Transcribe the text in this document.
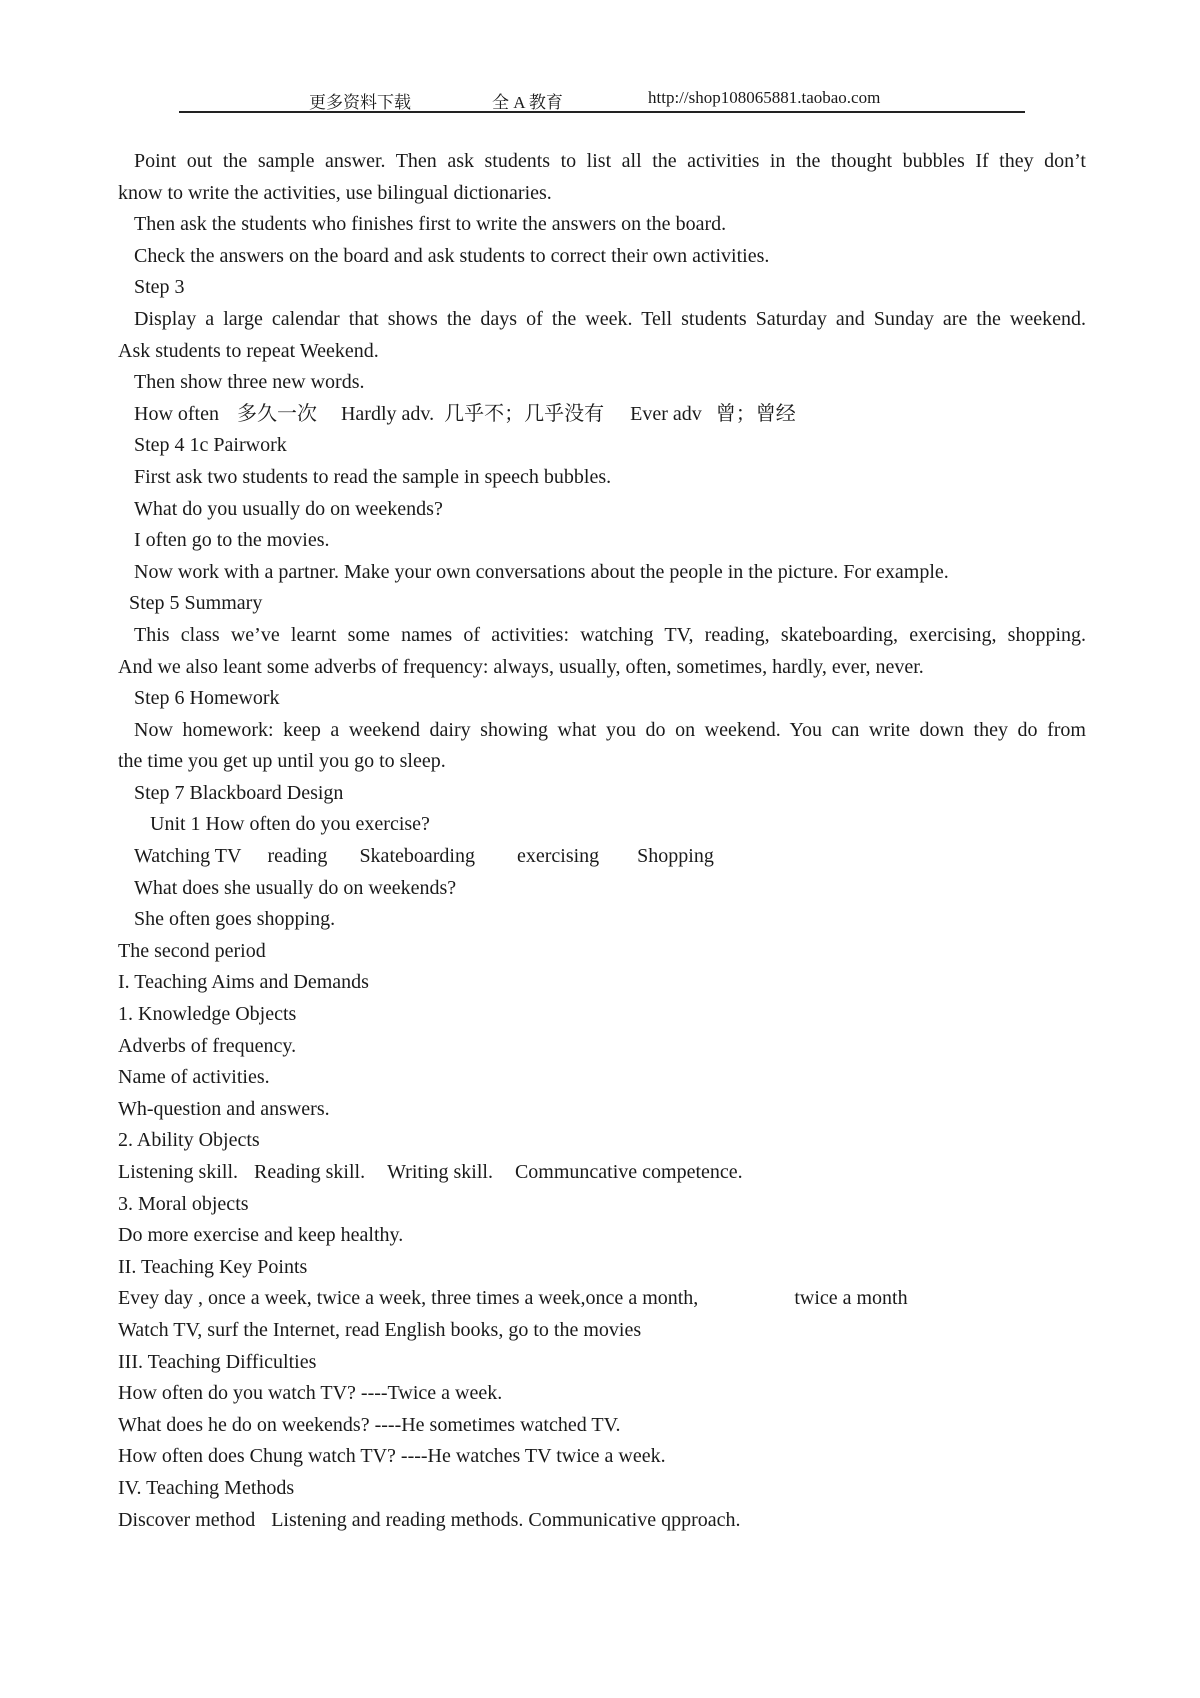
更多资料下载	全 A 教育	http://shop108065881.taobao.com

Point out the sample answer. Then ask students to list all the activities in the thought bubbles If they don’t

know to write the activities, use bilingual dictionaries.

Then ask the students who finishes first to write the answers on the board.

Check the answers on the board and ask students to correct their own activities.

Step 3

Display a large calendar that shows the days of the week. Tell students Saturday and Sunday are the weekend.

Ask students to repeat Weekend.

Then show three new words.

How often 多久一次 Hardly adv. 几乎不；几乎没有 Ever adv 曾；曾经

Step 4 1c Pairwork

First ask two students to read the sample in speech bubbles.

What do you usually do on weekends?

I often go to the movies.

Now work with a partner. Make your own conversations about the people in the picture. For example.

Step 5 Summary

This class we’ve learnt some names of activities: watching TV, reading, skateboarding, exercising, shopping.

And we also leant some adverbs of frequency: always, usually, often, sometimes, hardly, ever, never.

Step 6 Homework

Now homework: keep a weekend dairy showing what you do on weekend. You can write down they do from

the time you get up until you go to sleep.

Step 7 Blackboard Design

Unit 1 How often do you exercise?

Watching TV reading Skateboarding exercising Shopping

What does she usually do on weekends?

She often goes shopping.

The second period

I. Teaching Aims and Demands

1. Knowledge Objects

Adverbs of frequency.

Name of activities.

Wh-question and answers.

2. Ability Objects

Listening skill. Reading skill. Writing skill. Communcative competence.

3. Moral objects

Do more exercise and keep healthy.

II. Teaching Key Points

Evey day , once a week, twice a week, three times a week,once a month,	twice a month

Watch TV, surf the Internet, read English books, go to the movies

III. Teaching Difficulties

How often do you watch TV? ----Twice a week.

What does he do on weekends? ----He sometimes watched TV.

How often does Chung watch TV? ----He watches TV twice a week.

IV. Teaching Methods

Discover method Listening and reading methods. Communicative qpproach.
